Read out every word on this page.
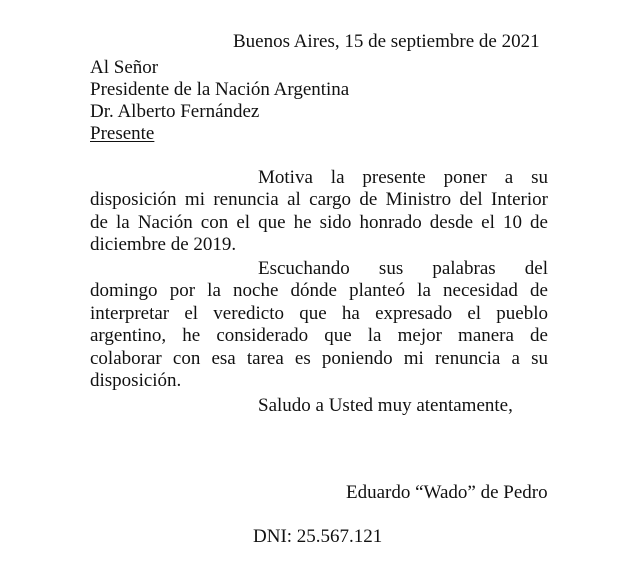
Buenos Aires, 15 de septiembre de 2021
Al Señor
Presidente de la Nación Argentina
Dr. Alberto Fernández
Presente
Motiva la presente poner a su
disposición mi renuncia al cargo de Ministro del Interior
de la Nación con el que he sido honrado desde el 10 de
diciembre de 2019.
Escuchando sus palabras del
domingo por la noche dónde planteó la necesidad de
interpretar el veredicto que ha expresado el pueblo
argentino, he considerado que la mejor manera de
colaborar con esa tarea es poniendo mi renuncia a su
disposición.
Saludo a Usted muy atentamente,
Eduardo “Wado” de Pedro
DNI: 25.567.121
